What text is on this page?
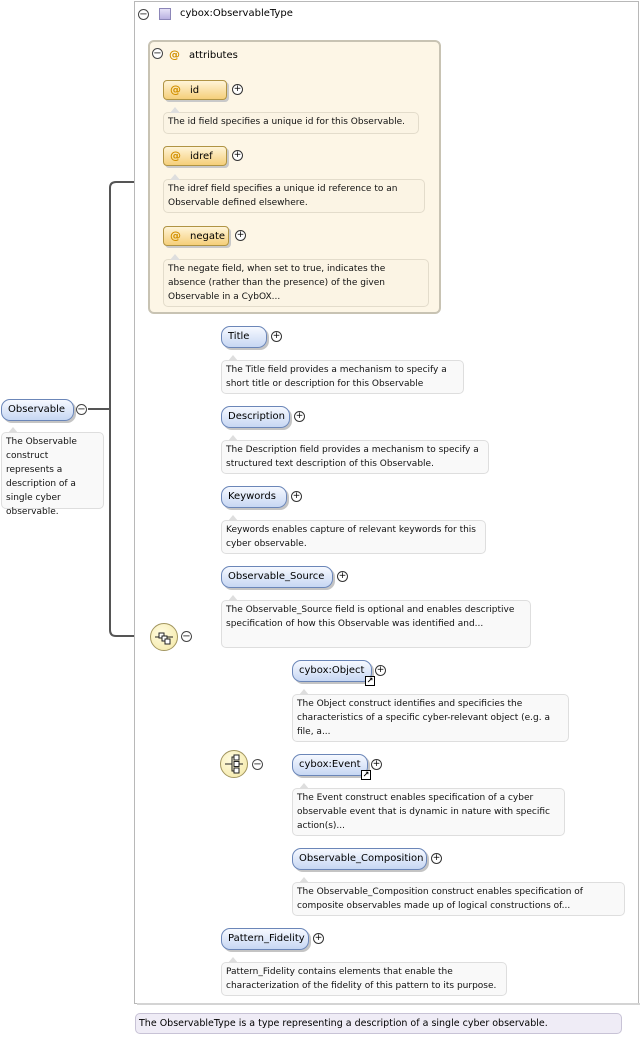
−	cybox:ObservableType
− @ attributes
@ id	+
The id field specifies a unique id for this Observable.
@ idref	+
The idref field specifies a unique id reference to an Observable defined elsewhere.
@ negate	+
The negate field, when set to true, indicates the absence (rather than the presence) of the given Observable in a CybOX...
Observable	−
The Observable construct represents a description of a single cyber observable.
−
Title	+
The Title field provides a mechanism to specify a short title or description for this Observable
Description	+
The Description field provides a mechanism to specify a structured text description of this Observable.
Keywords	+
Keywords enables capture of relevant keywords for this cyber observable.
Observable_Source	+
The Observable_Source field is optional and enables descriptive specification of how this Observable was identified and...
−
cybox:Object
↗
+
The Object construct identifies and specificies the characteristics of a specific cyber-relevant object (e.g. a file, a...
cybox:Event
↗
+
The Event construct enables specification of a cyber observable event that is dynamic in nature with specific action(s)...
Observable_Composition	+
The Observable_Composition construct enables specification of composite observables made up of logical constructions of...
Pattern_Fidelity	+
Pattern_Fidelity contains elements that enable the characterization of the fidelity of this pattern to its purpose.
The ObservableType is a type representing a description of a single cyber observable.
